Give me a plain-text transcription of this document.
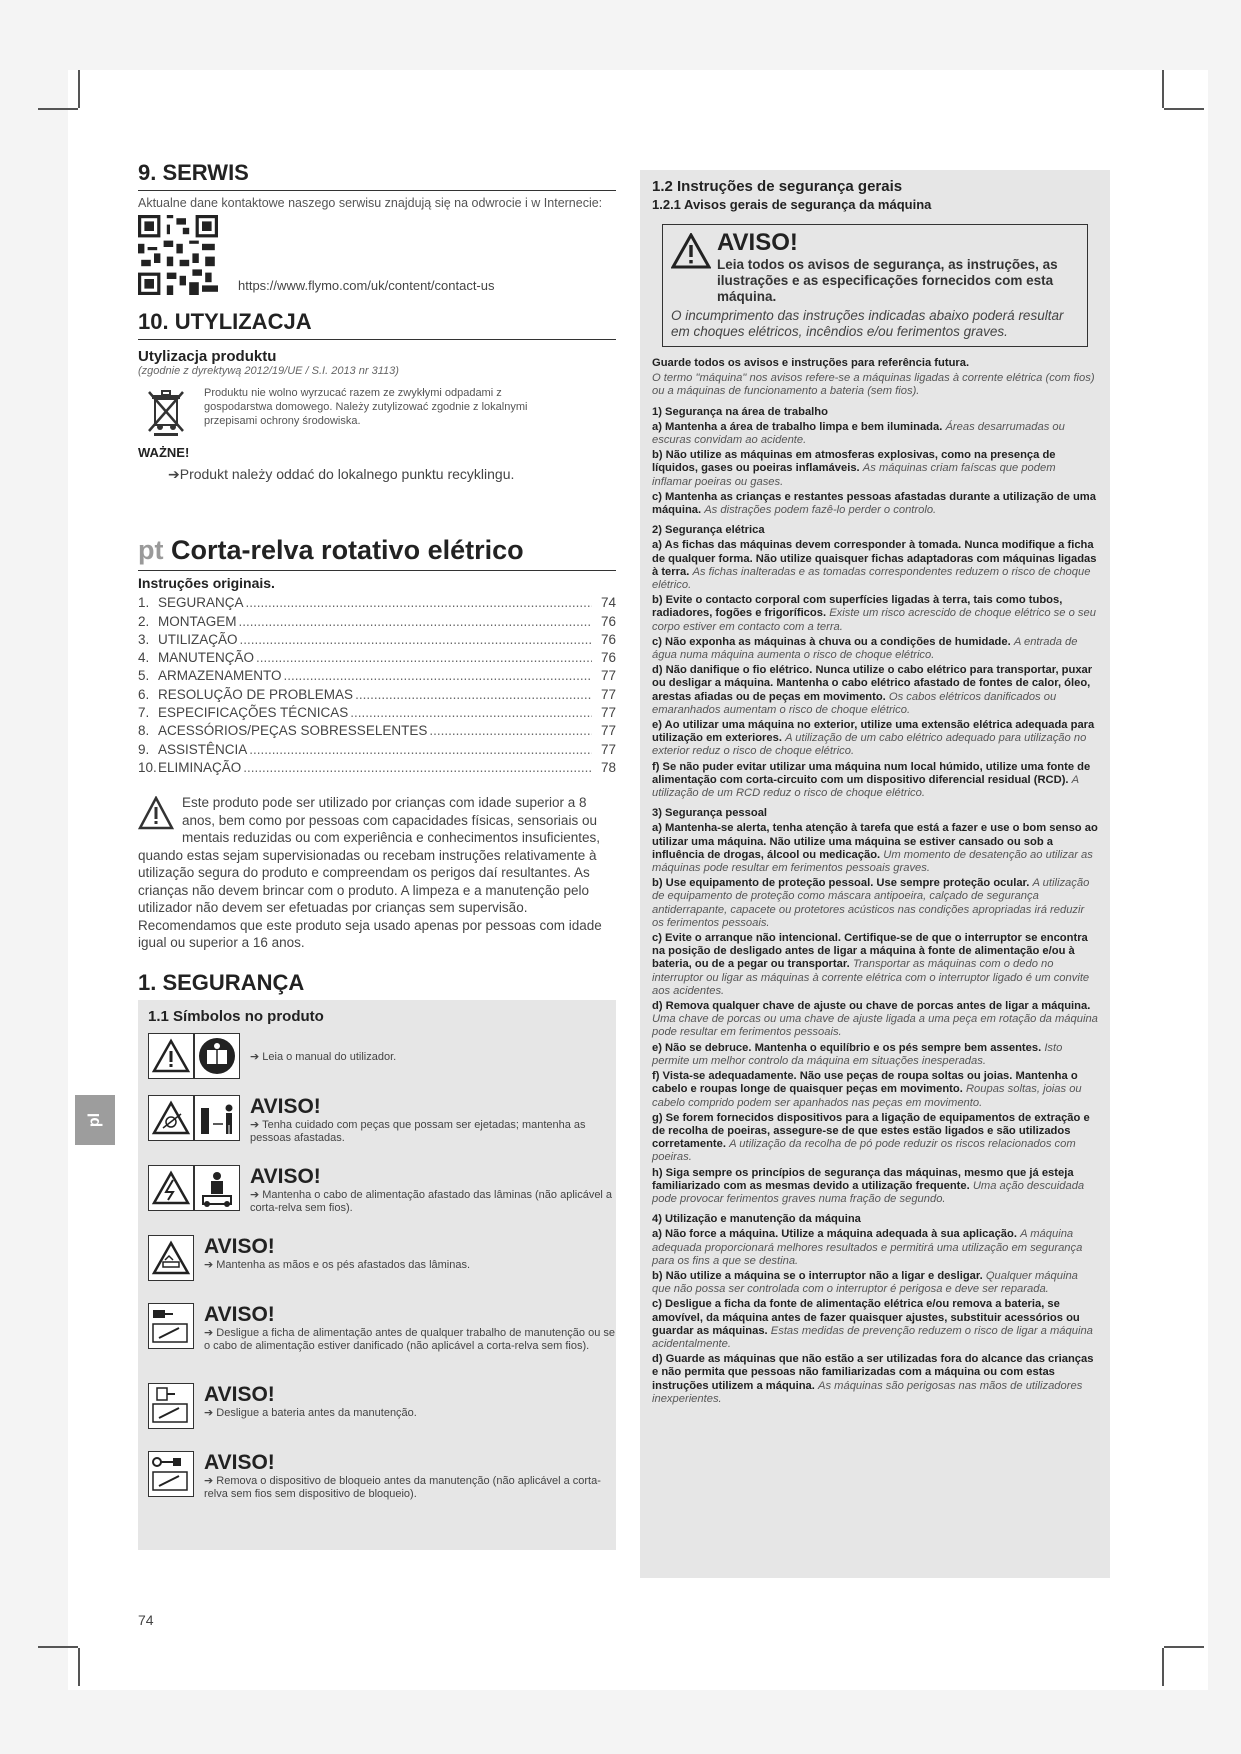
9. SERWIS

Aktualne dane kontaktowe naszego serwisu znajdują się na odwrocie i w Internecie:

https://www.flymo.com/uk/content/contact-us
10. UTYLIZACJA
Utylizacja produktu
(zgodnie z dyrektywą 2012/19/UE / S.I. 2013 nr 3113)
Produktu nie wolno wyrzucać razem ze zwykłymi odpadami z gospodarstwa domowego. Należy zutylizować zgodnie z lokalnymi przepisami ochrony środowiska.
WAŻNE!
➔Produkt należy oddać do lokalnego punktu recyklingu.
pt Corta-relva rotativo elétrico
Instruções originais.
1. SEGURANÇA .....	74
2. MONTAGEM .....	76
3. UTILIZAÇÃO .....	76
4. MANUTENÇÃO .....	76
5. ARMAZENAMENTO .....	77
6. RESOLUÇÃO DE PROBLEMAS .....	77
7. ESPECIFICAÇÕES TÉCNICAS .....	77
8. ACESSÓRIOS/PEÇAS SOBRESSELENTES .....	77
9. ASSISTÊNCIA .....	77
10. ELIMINAÇÃO .....	78
Este produto pode ser utilizado por crianças com idade superior a 8 anos, bem como por pessoas com capacidades físicas, sensoriais ou mentais reduzidas ou com experiência e conhecimentos insuficientes, quando estas sejam supervisionadas ou recebam instruções relativamente à utilização segura do produto e compreendam os perigos daí resultantes. As crianças não devem brincar com o produto. A limpeza e a manutenção pelo utilizador não devem ser efetuadas por crianças sem supervisão. Recomendamos que este produto seja usado apenas por pessoas com idade igual ou superior a 16 anos.
1. SEGURANÇA
1.1 Símbolos no produto
➔ Leia o manual do utilizador.
AVISO!
➔ Tenha cuidado com peças que possam ser ejetadas; mantenha as pessoas afastadas.
AVISO!
➔ Mantenha o cabo de alimentação afastado das lâminas (não aplicável a corta-relva sem fios).
AVISO!
➔ Mantenha as mãos e os pés afastados das lâminas.
AVISO!
➔ Desligue a ficha de alimentação antes de qualquer trabalho de manutenção ou se o cabo de alimentação estiver danificado (não aplicável a corta-relva sem fios).
AVISO!
➔ Desligue a bateria antes da manutenção.
AVISO!
➔ Remova o dispositivo de bloqueio antes da manutenção (não aplicável a corta-relva sem fios sem dispositivo de bloqueio).
1.2 Instruções de segurança gerais
1.2.1 Avisos gerais de segurança da máquina
AVISO!
Leia todos os avisos de segurança, as instruções, as ilustrações e as especificações fornecidos com esta máquina.
O incumprimento das instruções indicadas abaixo poderá resultar em choques elétricos, incêndios e/ou ferimentos graves.
Guarde todos os avisos e instruções para referência futura.
O termo "máquina" nos avisos refere-se a máquinas ligadas à corrente elétrica (com fios) ou a máquinas de funcionamento a bateria (sem fios).
1) Segurança na área de trabalho
a) Mantenha a área de trabalho limpa e bem iluminada. Áreas desarrumadas ou escuras convidam ao acidente.
b) Não utilize as máquinas em atmosferas explosivas, como na presença de líquidos, gases ou poeiras inflamáveis. As máquinas criam faíscas que podem inflamar poeiras ou gases.
c) Mantenha as crianças e restantes pessoas afastadas durante a utilização de uma máquina. As distrações podem fazê-lo perder o controlo.
2) Segurança elétrica
a) As fichas das máquinas devem corresponder à tomada. Nunca modifique a ficha de qualquer forma. Não utilize quaisquer fichas adaptadoras com máquinas ligadas à terra. As fichas inalteradas e as tomadas correspondentes reduzem o risco de choque elétrico.
b) Evite o contacto corporal com superfícies ligadas à terra, tais como tubos, radiadores, fogões e frigoríficos. Existe um risco acrescido de choque elétrico se o seu corpo estiver em contacto com a terra.
c) Não exponha as máquinas à chuva ou a condições de humidade. A entrada de água numa máquina aumenta o risco de choque elétrico.
d) Não danifique o fio elétrico. Nunca utilize o cabo elétrico para transportar, puxar ou desligar a máquina. Mantenha o cabo elétrico afastado de fontes de calor, óleo, arestas afiadas ou de peças em movimento. Os cabos elétricos danificados ou emaranhados aumentam o risco de choque elétrico.
e) Ao utilizar uma máquina no exterior, utilize uma extensão elétrica adequada para utilização em exteriores. A utilização de um cabo elétrico adequado para utilização no exterior reduz o risco de choque elétrico.
f) Se não puder evitar utilizar uma máquina num local húmido, utilize uma fonte de alimentação com corta-circuito com um dispositivo diferencial residual (RCD). A utilização de um RCD reduz o risco de choque elétrico.
3) Segurança pessoal
a) Mantenha-se alerta, tenha atenção à tarefa que está a fazer e use o bom senso ao utilizar uma máquina. Não utilize uma máquina se estiver cansado ou sob a influência de drogas, álcool ou medicação. Um momento de desatenção ao utilizar as máquinas pode resultar em ferimentos pessoais graves.
b) Use equipamento de proteção pessoal. Use sempre proteção ocular. A utilização de equipamento de proteção como máscara antipoeira, calçado de segurança antiderrapante, capacete ou protetores acústicos nas condições apropriadas irá reduzir os ferimentos pessoais.
c) Evite o arranque não intencional. Certifique-se de que o interruptor se encontra na posição de desligado antes de ligar a máquina à fonte de alimentação e/ou à bateria, ou de a pegar ou transportar. Transportar as máquinas com o dedo no interruptor ou ligar as máquinas à corrente elétrica com o interruptor ligado é um convite aos acidentes.
d) Remova qualquer chave de ajuste ou chave de porcas antes de ligar a máquina. Uma chave de porcas ou uma chave de ajuste ligada a uma peça em rotação da máquina pode resultar em ferimentos pessoais.
e) Não se debruce. Mantenha o equilíbrio e os pés sempre bem assentes. Isto permite um melhor controlo da máquina em situações inesperadas.
f) Vista-se adequadamente. Não use peças de roupa soltas ou joias. Mantenha o cabelo e roupas longe de quaisquer peças em movimento. Roupas soltas, joias ou cabelo comprido podem ser apanhados nas peças em movimento.
g) Se forem fornecidos dispositivos para a ligação de equipamentos de extração e de recolha de poeiras, assegure-se de que estes estão ligados e são utilizados corretamente. A utilização da recolha de pó pode reduzir os riscos relacionados com poeiras.
h) Siga sempre os princípios de segurança das máquinas, mesmo que já esteja familiarizado com as mesmas devido a utilização frequente. Uma ação descuidada pode provocar ferimentos graves numa fração de segundo.
4) Utilização e manutenção da máquina
a) Não force a máquina. Utilize a máquina adequada à sua aplicação. A máquina adequada proporcionará melhores resultados e permitirá uma utilização em segurança para os fins a que se destina.
b) Não utilize a máquina se o interruptor não a ligar e desligar. Qualquer máquina que não possa ser controlada com o interruptor é perigosa e deve ser reparada.
c) Desligue a ficha da fonte de alimentação elétrica e/ou remova a bateria, se amovível, da máquina antes de fazer quaisquer ajustes, substituir acessórios ou guardar as máquinas. Estas medidas de prevenção reduzem o risco de ligar a máquina acidentalmente.
d) Guarde as máquinas que não estão a ser utilizadas fora do alcance das crianças e não permita que pessoas não familiarizadas com a máquina ou com estas instruções utilizem a máquina. As máquinas são perigosas nas mãos de utilizadores inexperientes.
pl
74
